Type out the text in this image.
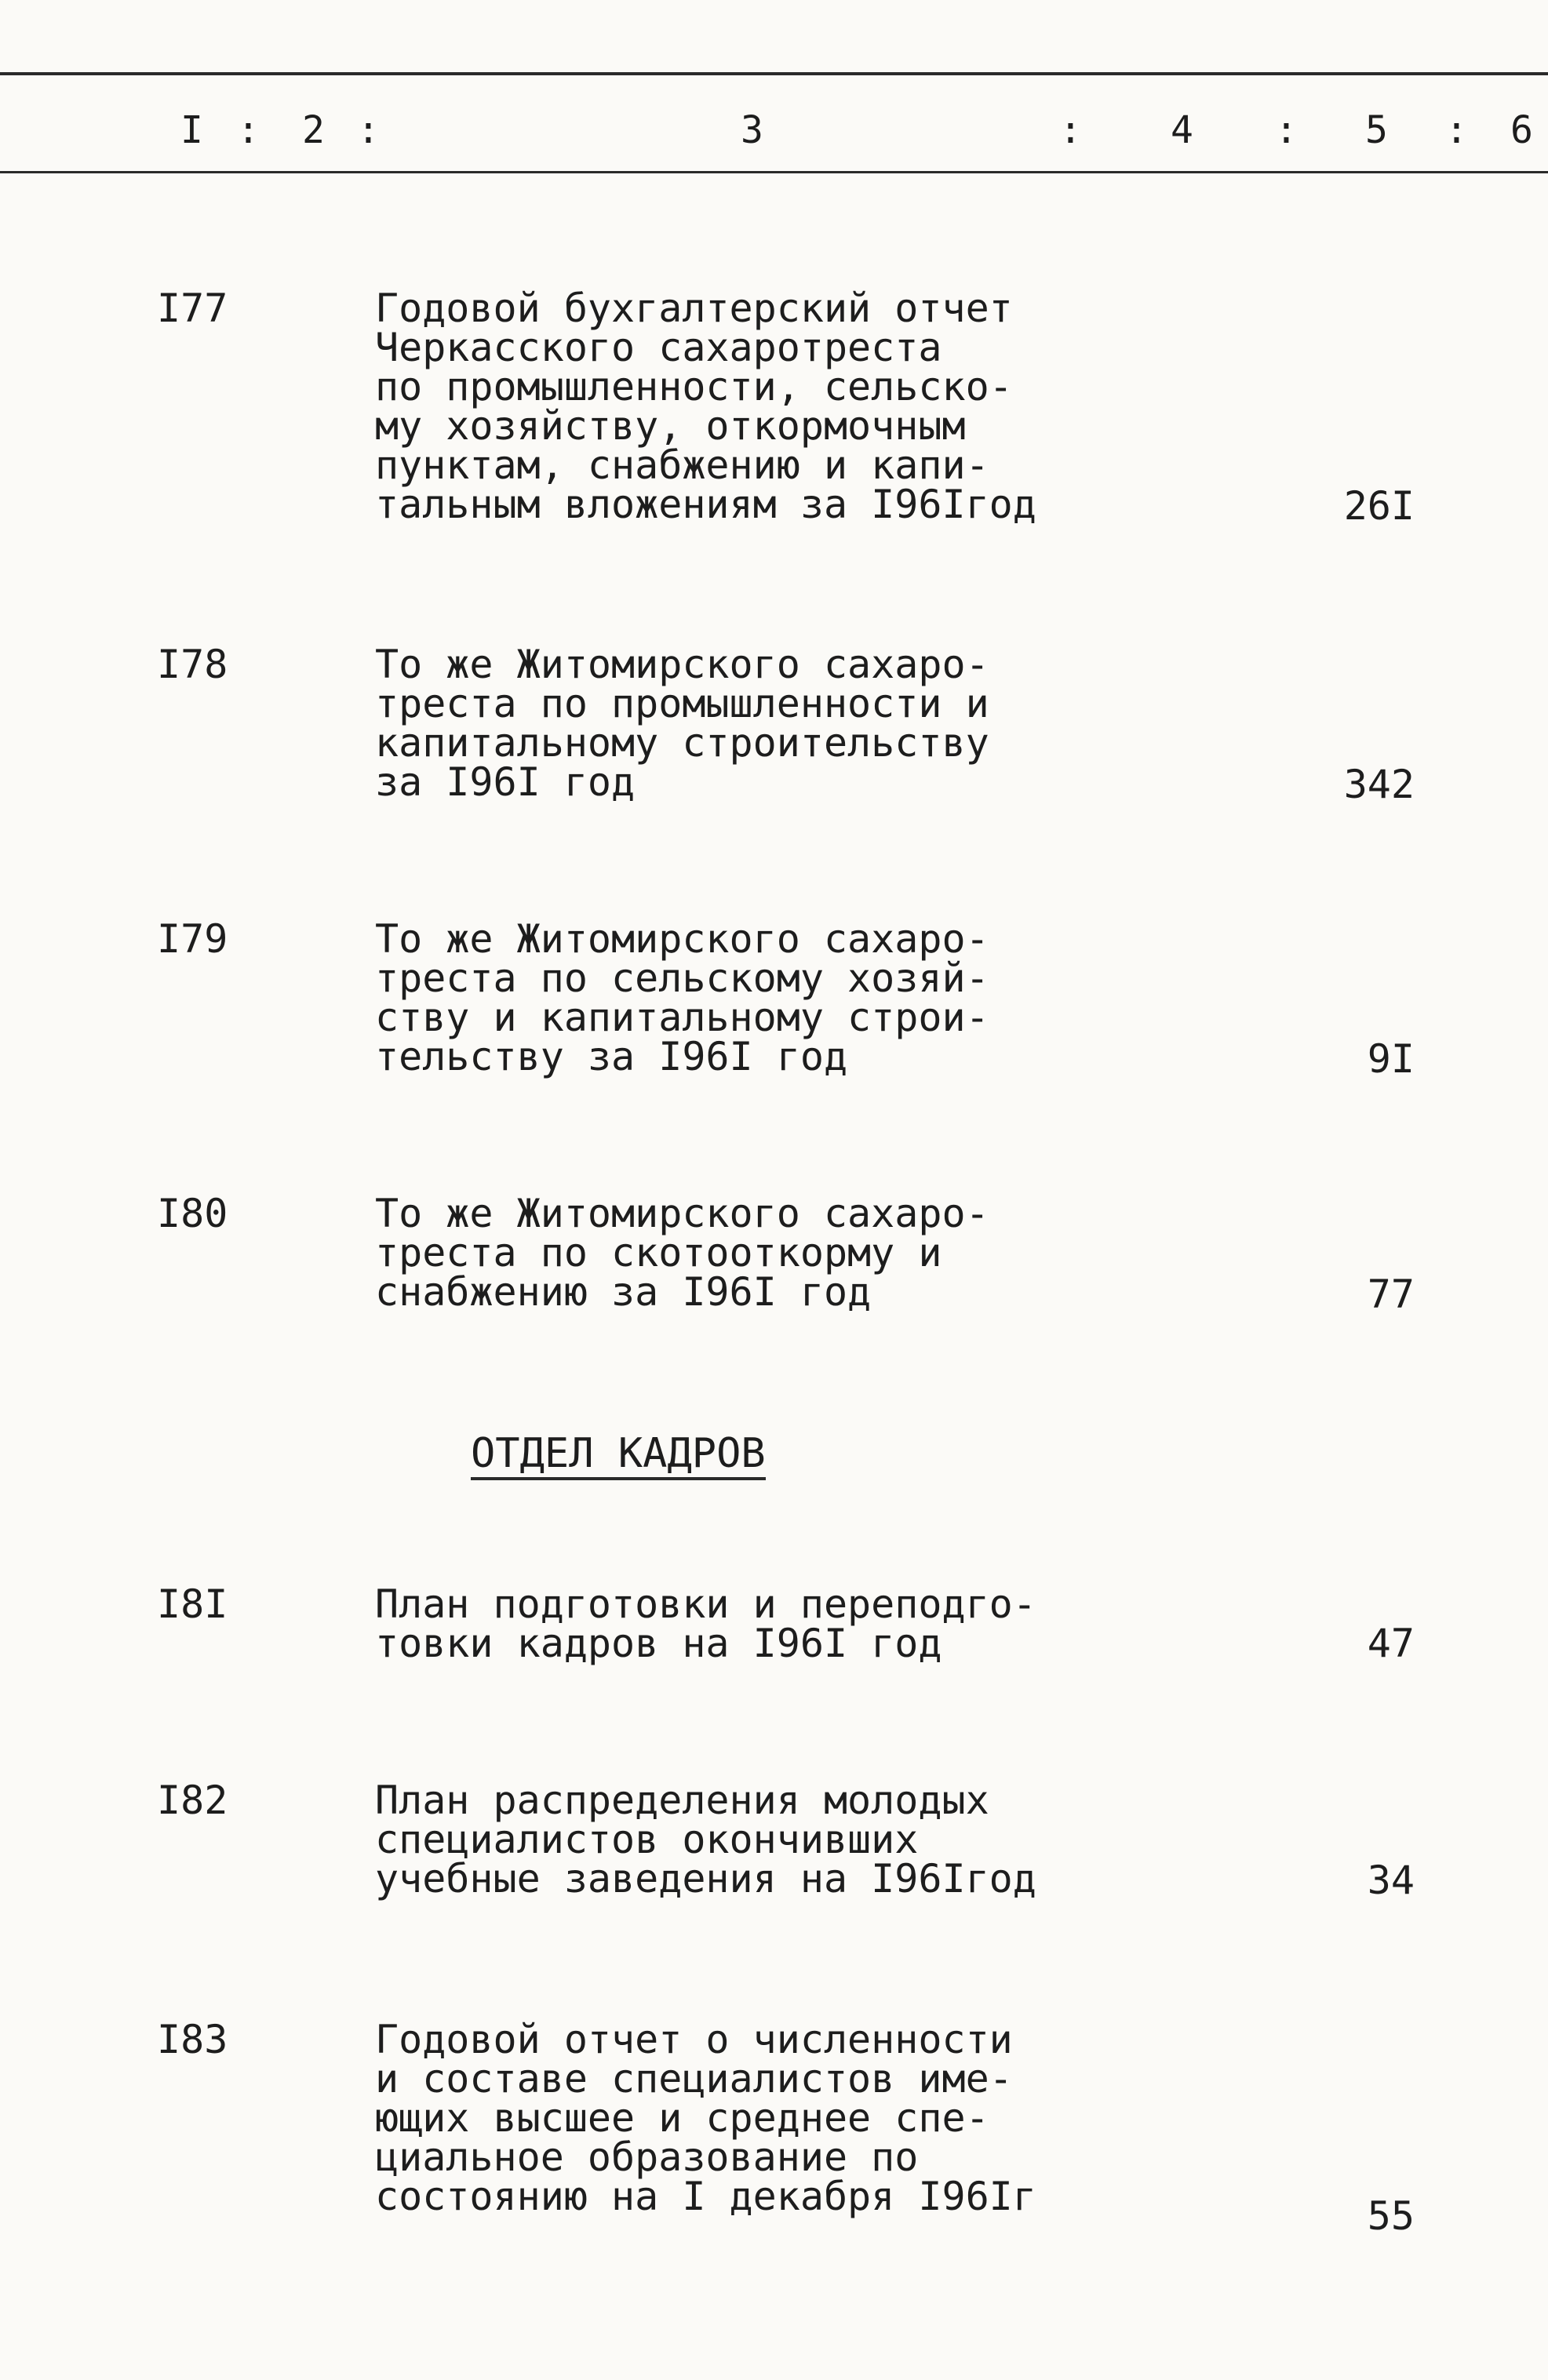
I : 2 :	3	: 4 : 5 : 6
I77	Годовой бухгалтерский отчет
Черкасского сахаротреста
по промышленности, сельско-
му хозяйству, откормочным
пунктам, снабжению и капи-
тальным вложениям за I96Iгод	26I
I78	То же Житомирского сахаро-
треста по промышленности и
капитальному строительству
за I96I год	342
I79	То же Житомирского сахаро-
треста по сельскому хозяй-
ству и капитальному строи-
тельству за I96I год	9I
I80	То же Житомирского сахаро-
треста по скотооткорму и
снабжению за I96I год	77
ОТДЕЛ КАДРОВ
I8I	План подготовки и переподго-
товки кадров на I96I год	47
I82	План распределения молодых
специалистов окончивших
учебные заведения на I96Iгод	34
I83	Годовой отчет о численности
и составе специалистов име-
ющих высшее и среднее спе-
циальное образование по
состоянию на I декабря I96Iг	55
